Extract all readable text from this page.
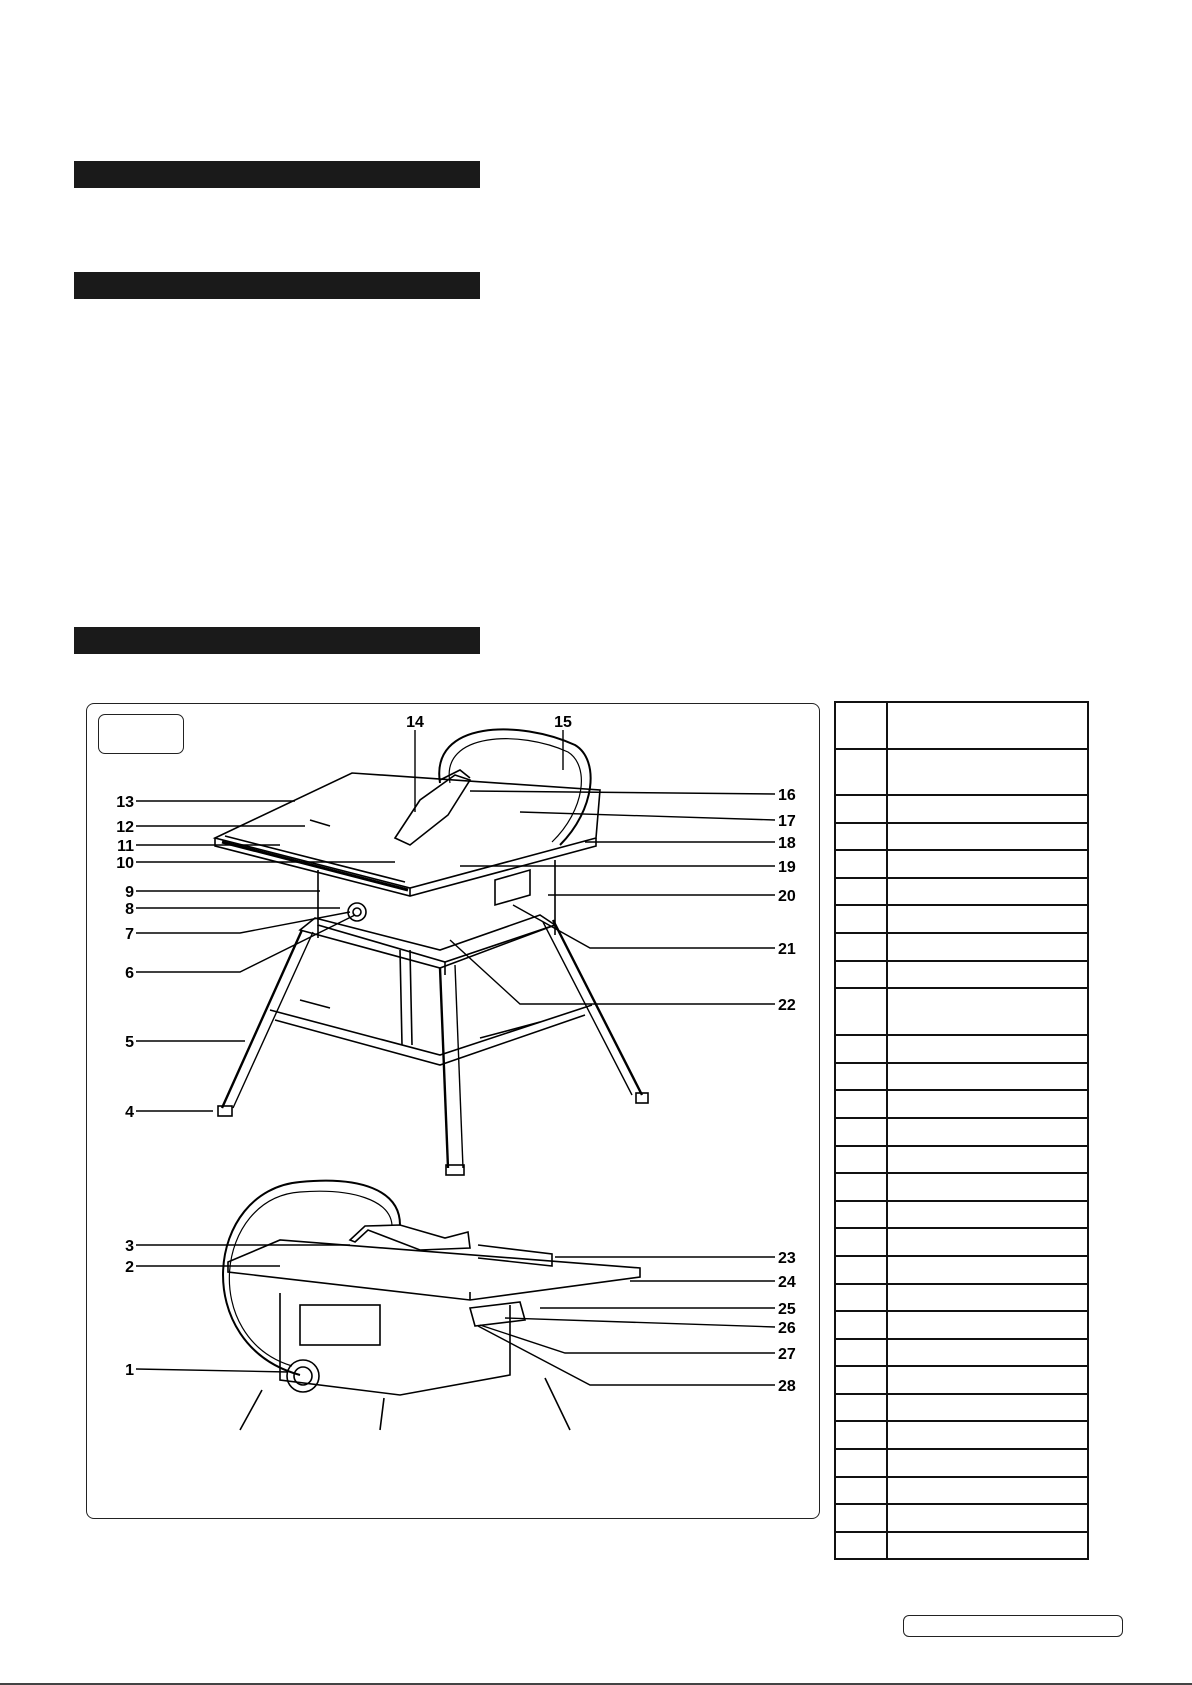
13
12
11
10
9
8
7
6
5
4
14	15
16
17
18
19
20
21
22
3
2
1
23
24
25
26
27
28
